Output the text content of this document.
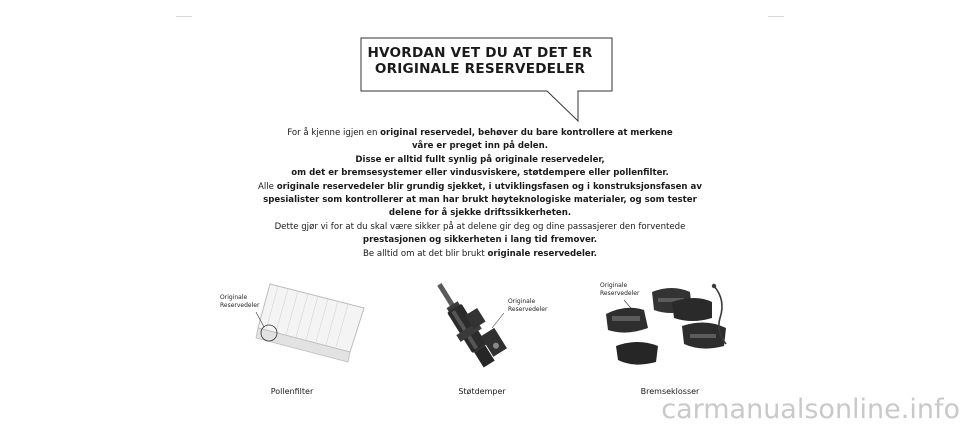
HVORDAN VET DU AT DET ER
ORIGINALE RESERVEDELER
For å kjenne igjen en original reservedel, behøver du bare kontrollere at merkene
våre er preget inn på delen.
Disse er alltid fullt synlig på originale reservedeler,
om det er bremsesystemer eller vindusviskere, støtdempere eller pollenfilter.
Alle originale reservedeler blir grundig sjekket, i utviklingsfasen og i konstruksjonsfasen av
spesialister som kontrollerer at man har brukt høyteknologiske materialer, og som tester
delene for å sjekke driftssikkerheten.
Dette gjør vi for at du skal være sikker på at delene gir deg og dine passasjerer den forventede
prestasjonen og sikkerheten i lang tid fremover.
Be alltid om at det blir brukt originale reservedeler.
Originale
Reservedeler
Pollenfilter
Originale
Reservedeler
Støtdemper
Originale
Reservedeler
Bremseklosser
carmanualsonline.info
